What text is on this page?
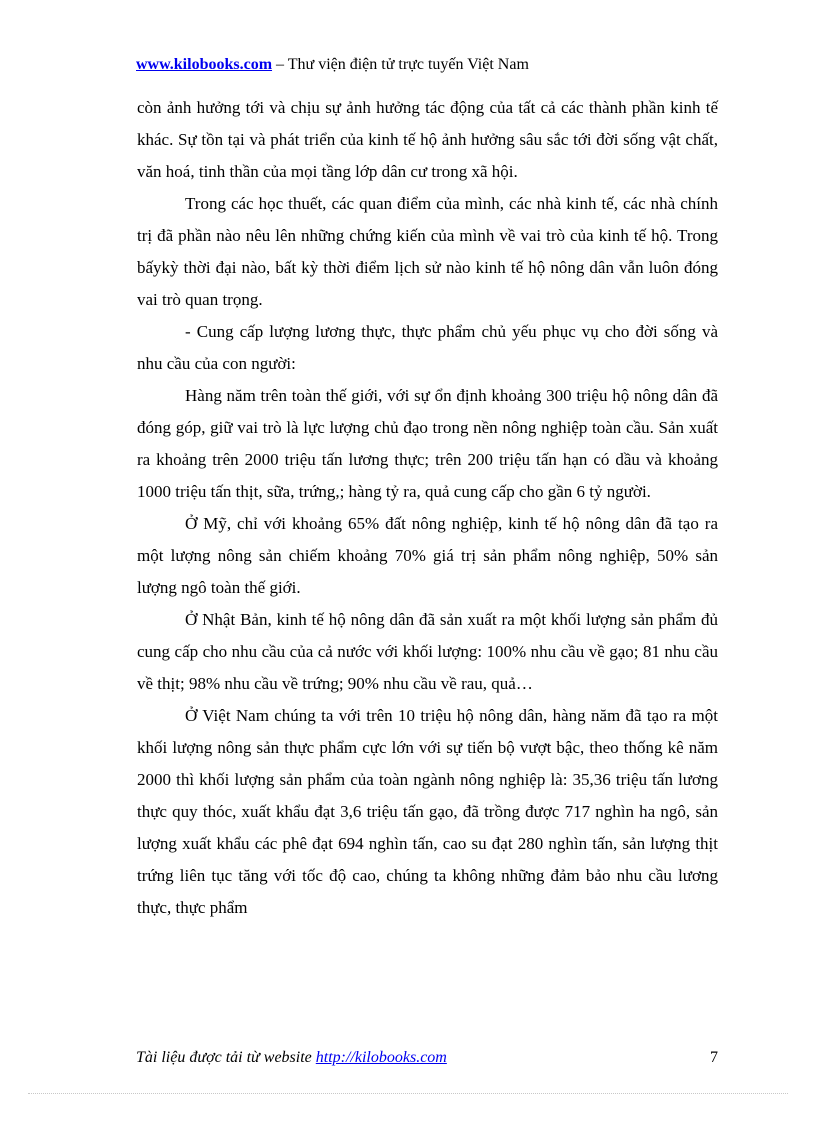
www.kilobooks.com – Thư viện điện tử trực tuyến Việt Nam

còn ảnh hưởng tới và chịu sự ảnh hưởng tác động của tất cả các thành phần kinh tế khác. Sự tồn tại và phát triển của kinh tế hộ ảnh hưởng sâu sắc tới đời sống vật chất, văn hoá, tinh thần của mọi tầng lớp dân cư trong xã hội.

Trong các học thuết, các quan điểm của mình, các nhà kinh tế, các nhà chính trị đã phần nào nêu lên những chứng kiến của mình về vai trò của kinh tế hộ. Trong bấykỳ thời đại nào, bất kỳ thời điểm lịch sử nào kinh tế hộ nông dân vẫn luôn đóng vai trò quan trọng.

- Cung cấp lượng lương thực, thực phẩm chủ yếu phục vụ cho đời sống và nhu cầu của con người:

Hàng năm trên toàn thế giới, với sự ổn định khoảng 300 triệu hộ nông dân đã đóng góp, giữ vai trò là lực lượng chủ đạo trong nền nông nghiệp toàn cầu. Sản xuất ra khoảng trên 2000 triệu tấn lương thực; trên 200 triệu tấn hạn có dầu và khoảng 1000 triệu tấn thịt, sữa, trứng,; hàng tỷ ra, quả cung cấp cho gần 6 tỷ người.

Ở Mỹ, chỉ với khoảng 65% đất nông nghiệp, kinh tế hộ nông dân đã tạo ra một lượng nông sản chiếm khoảng 70% giá trị sản phẩm nông nghiệp, 50% sản lượng ngô toàn thế giới.

Ở Nhật Bản, kinh tế hộ nông dân đã sản xuất ra một khối lượng sản phẩm đủ cung cấp cho nhu cầu của cả nước với khối lượng: 100% nhu cầu về gạo; 81 nhu cầu về thịt; 98% nhu cầu về trứng; 90% nhu cầu về rau, quả…

Ở Việt Nam chúng ta với trên 10 triệu hộ nông dân, hàng năm đã tạo ra một khối lượng nông sản thực phẩm cực lớn với sự tiến bộ vượt bậc, theo thống kê năm 2000 thì khối lượng sản phẩm của toàn ngành nông nghiệp là: 35,36 triệu tấn lương thực quy thóc, xuất khẩu đạt 3,6 triệu tấn gạo, đã trồng được 717 nghìn ha ngô, sản lượng xuất khẩu các phê đạt 694 nghìn tấn, cao su đạt 280 nghìn tấn, sản lượng thịt trứng liên tục tăng với tốc độ cao, chúng ta không những đảm bảo nhu cầu lương thực, thực phẩm

Tài liệu được tải từ website http://kilobooks.com	7
